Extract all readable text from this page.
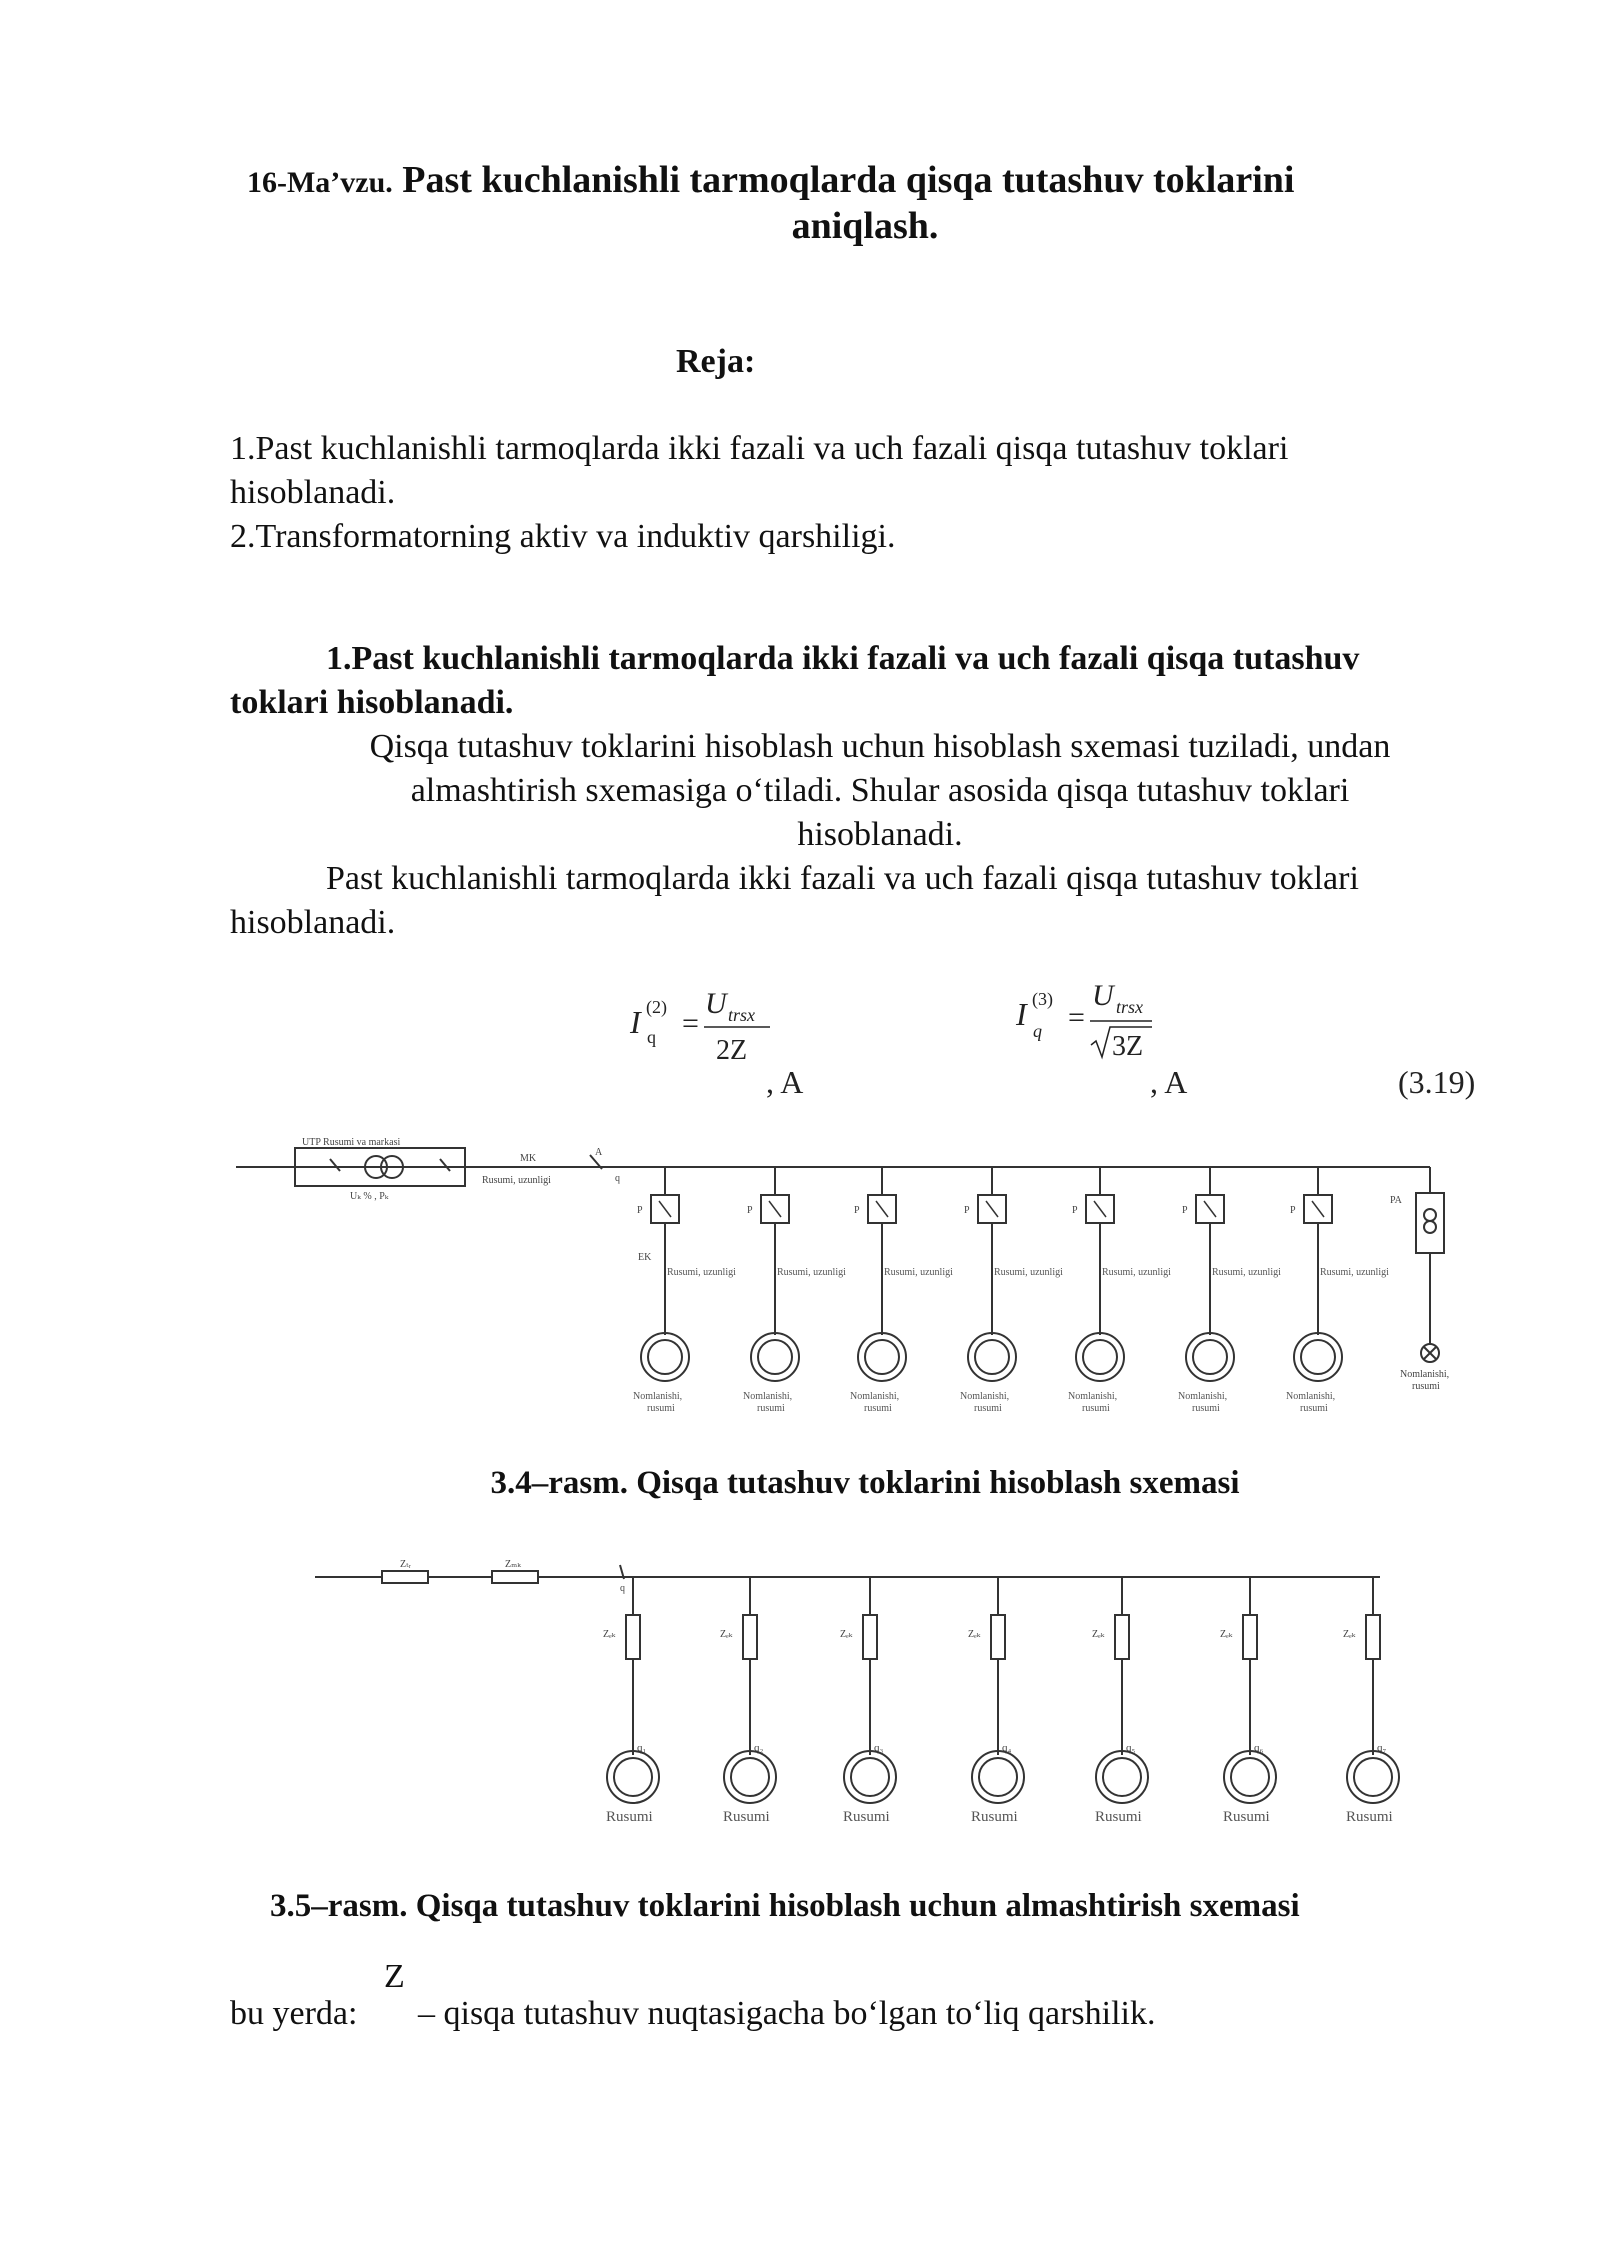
16-Ma’vzu. Past kuchlanishli tarmoqlarda qisqa tutashuv toklarini
aniqlash.
Reja:
1.Past kuchlanishli tarmoqlarda ikki fazali va uch fazali qisqa tutashuv toklari
hisoblanadi.
2.Transformatorning aktiv va induktiv qarshiligi.
1.Past kuchlanishli tarmoqlarda ikki fazali va uch fazali qisqa tutashuv
toklari hisoblanadi.
Qisqa tutashuv toklarini hisoblash uchun hisoblash sxemasi tuziladi, undan
almashtirish sxemasiga o‘tiladi. Shular asosida qisqa tutashuv toklari
hisoblanadi.
Past kuchlanishli tarmoqlarda ikki fazali va uch fazali qisqa tutashuv toklari
hisoblanadi.
I (2)
q =
U trsx
2Z
, A
I (3)
q =
U trsx
3Z
, A	(3.19)
UTP Rusumi va markasi
Uₖ % , Pₖ
MK
Rusumi, uzunligi
A
q
PA
EK
Nomlanishi,
rusumi
P
Rusumi, uzunligi
Nomlanishi,
rusumi
P
Rusumi, uzunligi
Nomlanishi,
rusumi
P
Rusumi, uzunligi
Nomlanishi,
rusumi
P
Rusumi, uzunligi
Nomlanishi,
rusumi
P
Rusumi, uzunligi
Nomlanishi,
rusumi
P
Rusumi, uzunligi
Nomlanishi,
rusumi
P
Rusumi, uzunligi
Nomlanishi,
rusumi
3.4–rasm. Qisqa tutashuv toklarini hisoblash sxemasi
Zₜᵣ	Zₘₖ
q
Zₑₖ
q₁
Rusumi
Zₑₖ
q₂
Rusumi
Zₑₖ
q₃
Rusumi
Zₑₖ
q₄
Rusumi
Zₑₖ
q₅
Rusumi
Zₑₖ
q₆
Rusumi
Zₑₖ
q₇
Rusumi
3.5–rasm. Qisqa tutashuv toklarini hisoblash uchun almashtirish sxemasi
Z
bu yerda: – qisqa tutashuv nuqtasigacha bo‘lgan to‘liq qarshilik.
